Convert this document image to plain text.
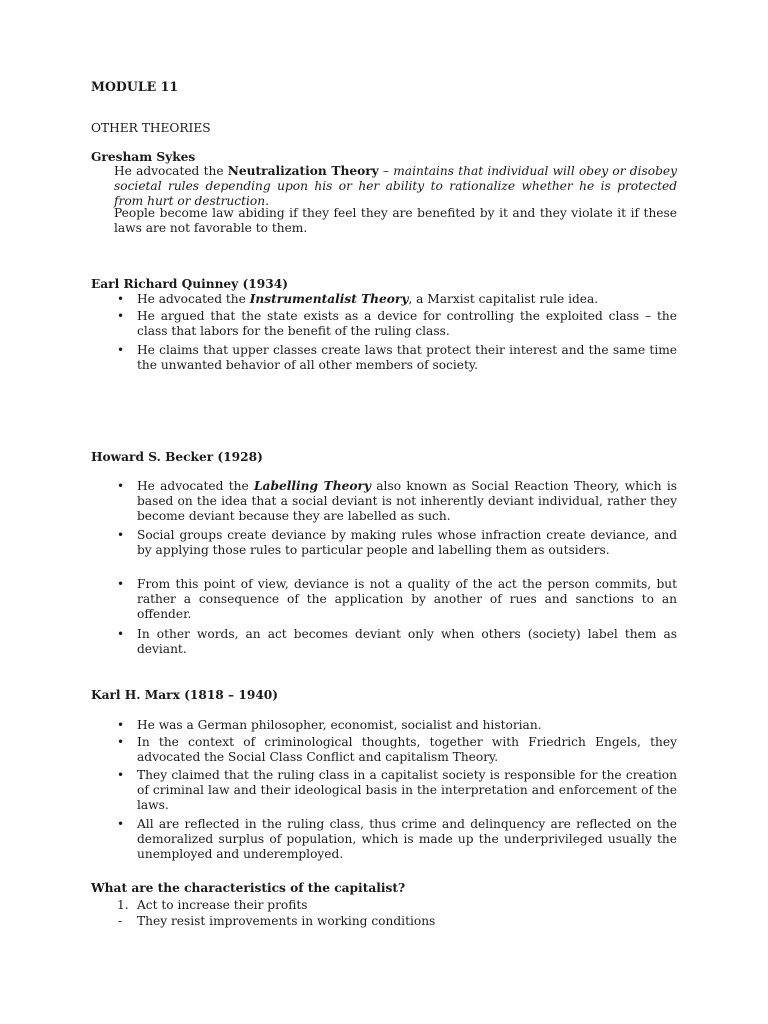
MODULE 11

OTHER THEORIES

Gresham Sykes

He advocated the Neutralization Theory – maintains that individual will obey or disobey societal rules depending upon his or her ability to rationalize whether he is protected from hurt or destruction.

People become law abiding if they feel they are benefited by it and they violate it if these laws are not favorable to them.

Earl Richard Quinney (1934)

• He advocated the Instrumentalist Theory, a Marxist capitalist rule idea.

• He argued that the state exists as a device for controlling the exploited class – the class that labors for the benefit of the ruling class.

• He claims that upper classes create laws that protect their interest and the same time the unwanted behavior of all other members of society.

Howard S. Becker (1928)

• He advocated the Labelling Theory also known as Social Reaction Theory, which is based on the idea that a social deviant is not inherently deviant individual, rather they become deviant because they are labelled as such.

• Social groups create deviance by making rules whose infraction create deviance, and by applying those rules to particular people and labelling them as outsiders.

• From this point of view, deviance is not a quality of the act the person commits, but rather a consequence of the application by another of rues and sanctions to an offender.

• In other words, an act becomes deviant only when others (society) label them as deviant.

Karl H. Marx (1818 – 1940)

• He was a German philosopher, economist, socialist and historian.

• In the context of criminological thoughts, together with Friedrich Engels, they advocated the Social Class Conflict and capitalism Theory.

• They claimed that the ruling class in a capitalist society is responsible for the creation of criminal law and their ideological basis in the interpretation and enforcement of the laws.

• All are reflected in the ruling class, thus crime and delinquency are reflected on the demoralized surplus of population, which is made up the underprivileged usually the unemployed and underemployed.

What are the characteristics of the capitalist?

1. Act to increase their profits

- They resist improvements in working conditions
